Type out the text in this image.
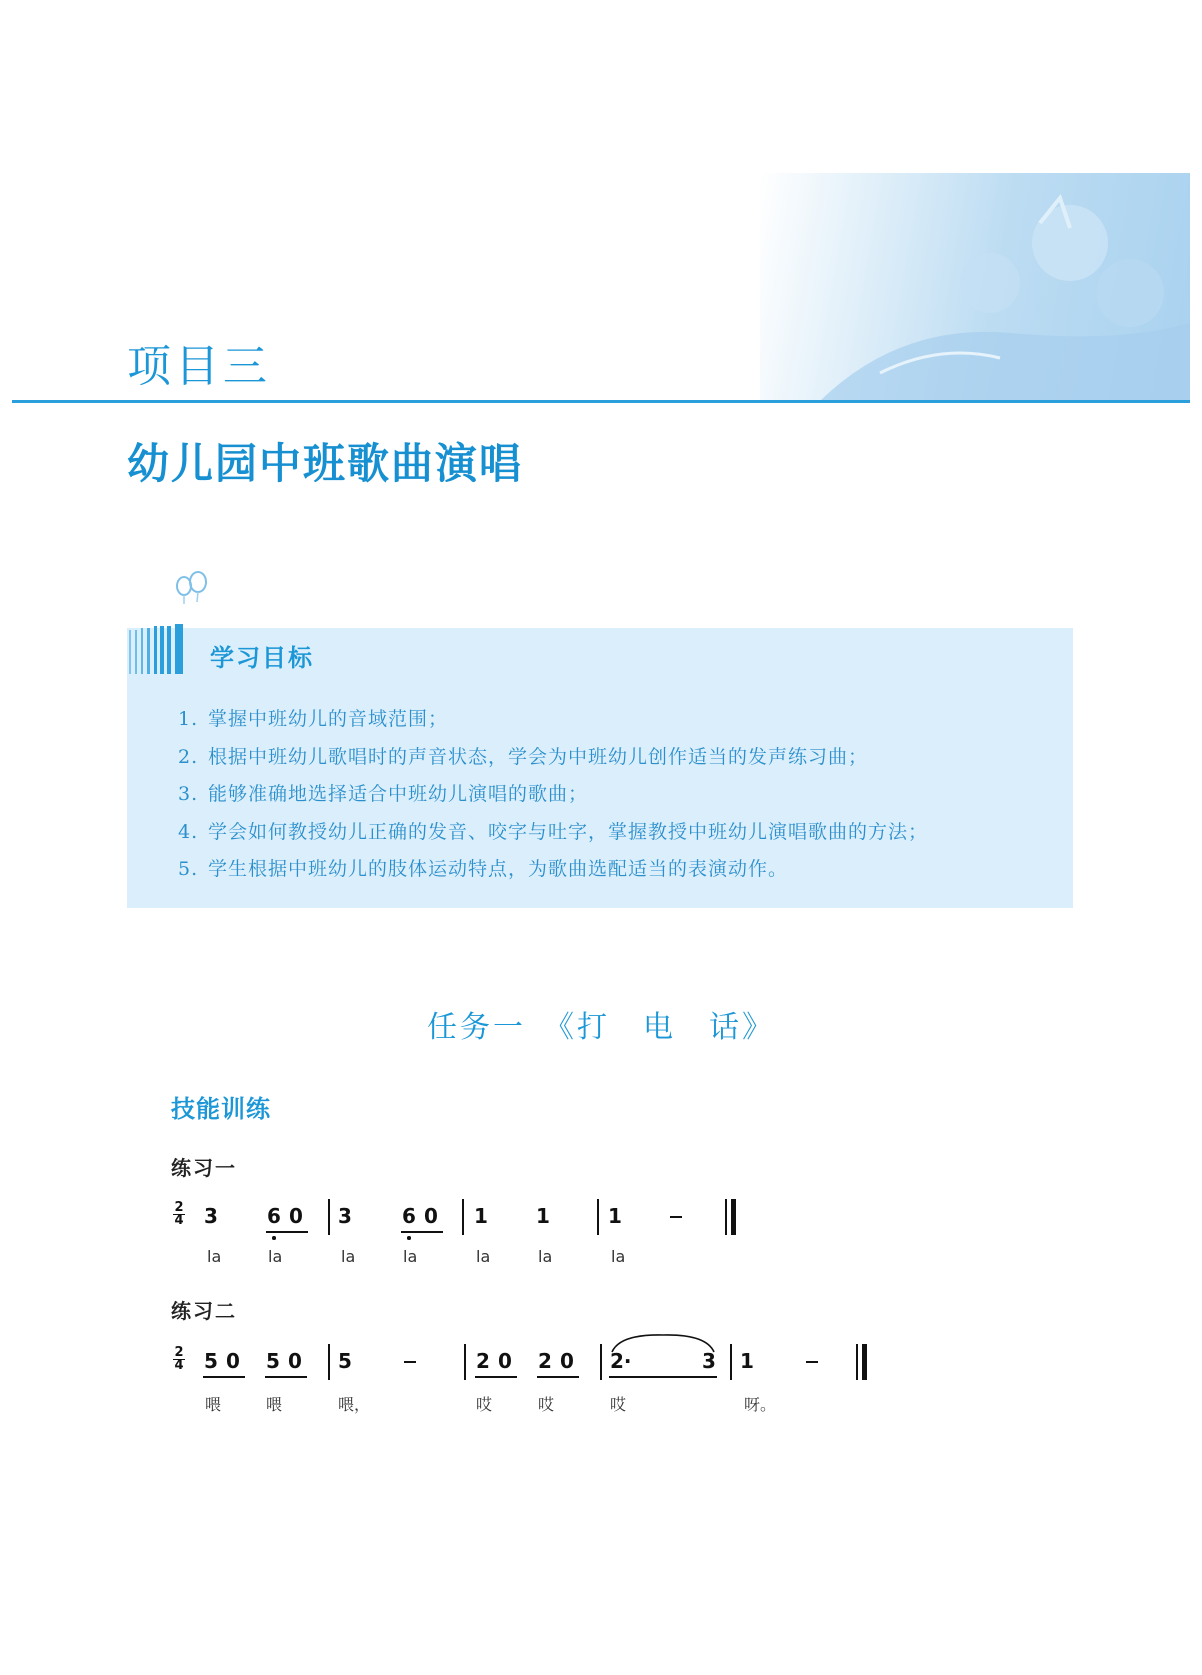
项目三
幼儿园中班歌曲演唱
学习目标
1. 掌握中班幼儿的音域范围；
2. 根据中班幼儿歌唱时的声音状态，学会为中班幼儿创作适当的发声练习曲；
3. 能够准确地选择适合中班幼儿演唱的歌曲；
4. 学会如何教授幼儿正确的发音、咬字与吐字，掌握教授中班幼儿演唱歌曲的方法；
5. 学生根据中班幼儿的肢体运动特点，为歌曲选配适当的表演动作。
任务一　《打　电　话》
技能训练
练习一
2
4 3 6 0 3	6 0 1 1	1
la	la	la	la	la	la	la
练习二
2
4 5 0 5 0 5	2 0 2 0 2·	3 1
喂	喂	喂，	哎	哎	哎	呀。
